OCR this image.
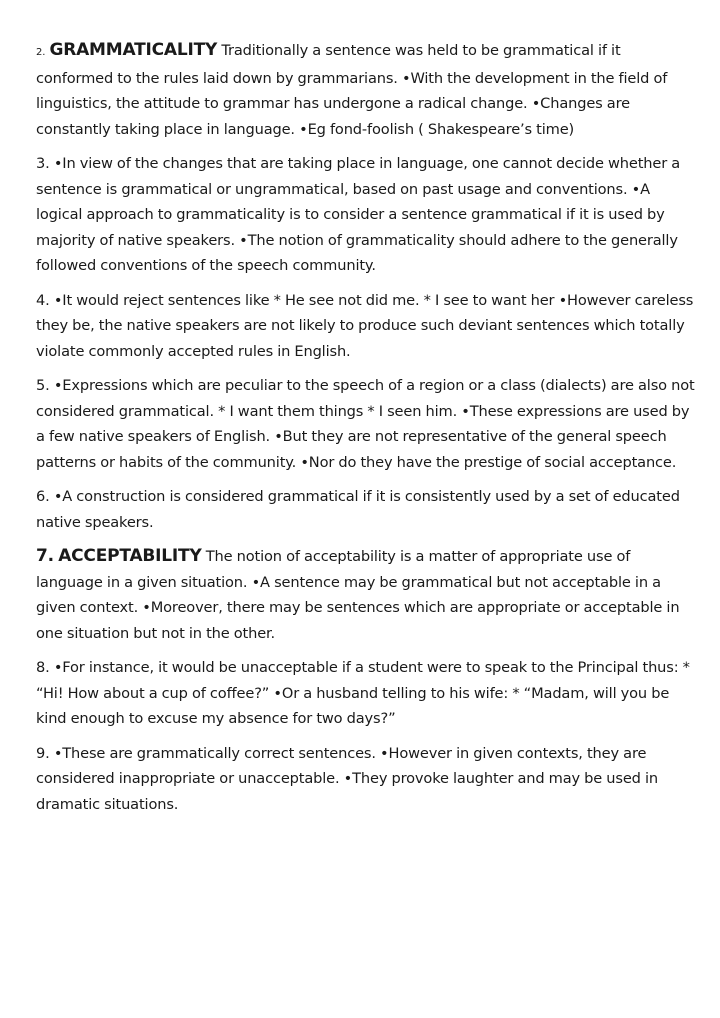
2. GRAMMATICALITY Traditionally a sentence was held to be grammatical if it conformed to the rules laid down by grammarians. •With the development in the field of linguistics, the attitude to grammar has undergone a radical change. •Changes are constantly taking place in language. •Eg fond-foolish ( Shakespeare’s time)

3. •In view of the changes that are taking place in language, one cannot decide whether a sentence is grammatical or ungrammatical, based on past usage and conventions. •A logical approach to grammaticality is to consider a sentence grammatical if it is used by majority of native speakers. •The notion of grammaticality should adhere to the generally followed conventions of the speech community.

4. •It would reject sentences like * He see not did me. * I see to want her •However careless they be, the native speakers are not likely to produce such deviant sentences which totally violate commonly accepted rules in English.

5. •Expressions which are peculiar to the speech of a region or a class (dialects) are also not considered grammatical. * I want them things * I seen him. •These expressions are used by a few native speakers of English. •But they are not representative of the general speech patterns or habits of the community. •Nor do they have the prestige of social acceptance.

6. •A construction is considered grammatical if it is consistently used by a set of educated native speakers.

7. ACCEPTABILITY The notion of acceptability is a matter of appropriate use of language in a given situation. •A sentence may be grammatical but not acceptable in a given context. •Moreover, there may be sentences which are appropriate or acceptable in one situation but not in the other.

8. •For instance, it would be unacceptable if a student were to speak to the Principal thus: * “Hi! How about a cup of coffee?” •Or a husband telling to his wife: * “Madam, will you be kind enough to excuse my absence for two days?”

9. •These are grammatically correct sentences. •However in given contexts, they are considered inappropriate or unacceptable. •They provoke laughter and may be used in dramatic situations.
